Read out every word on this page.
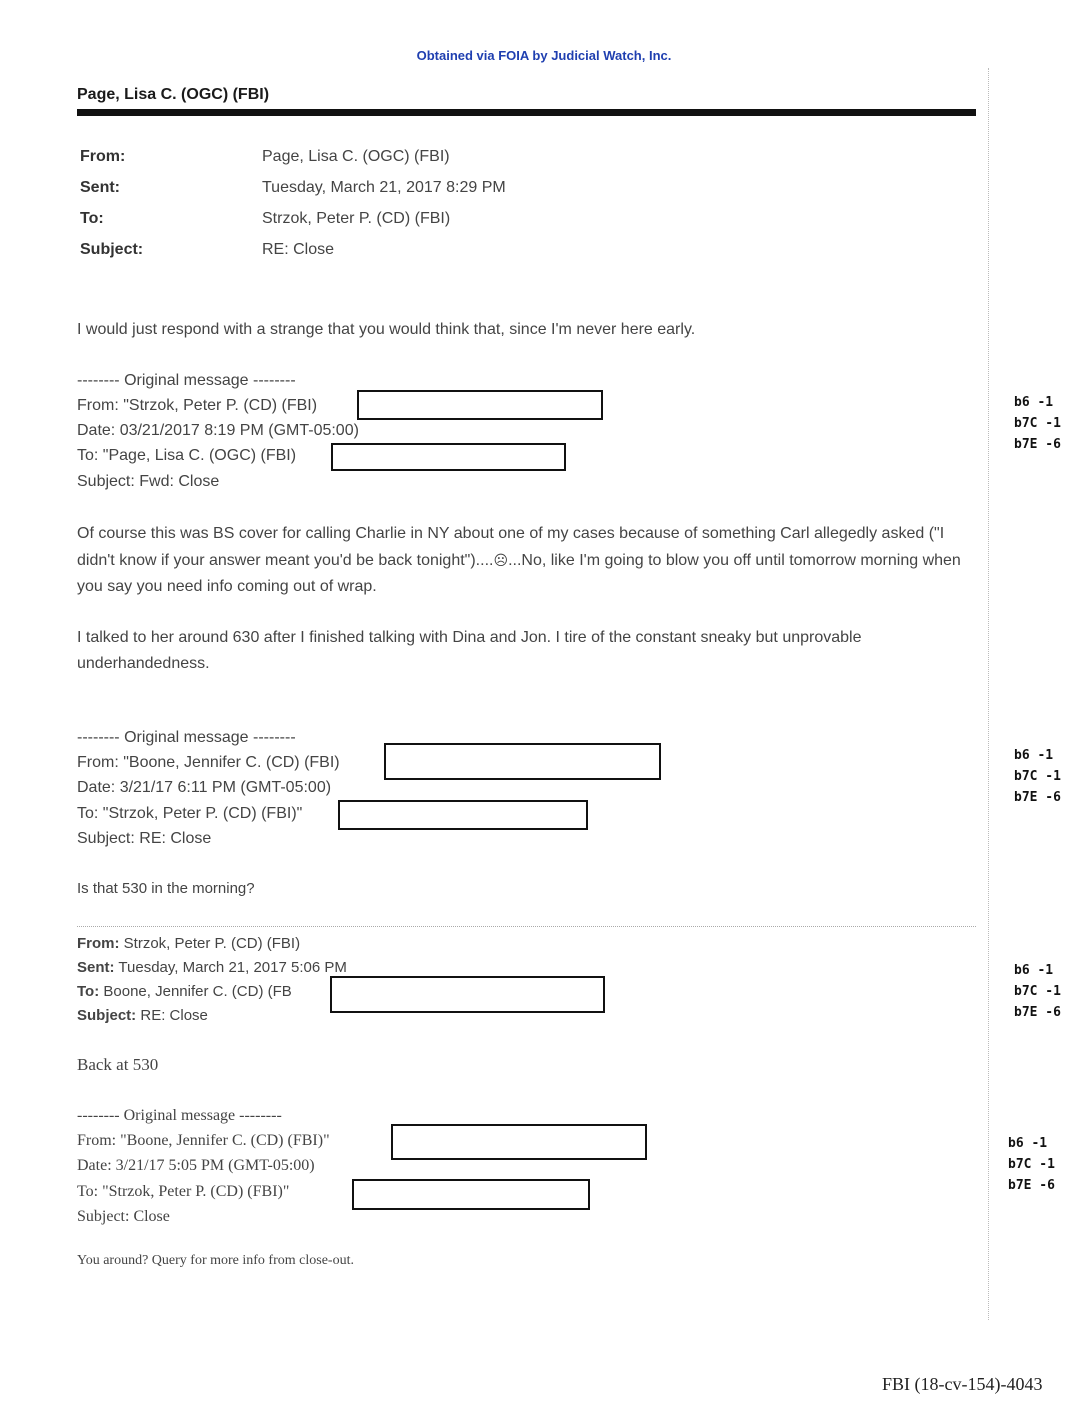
Obtained via FOIA by Judicial Watch, Inc.
Page, Lisa C. (OGC) (FBI)
From:	Page, Lisa C. (OGC) (FBI)
Sent:	Tuesday, March 21, 2017 8:29 PM
To:	Strzok, Peter P. (CD) (FBI)
Subject:	RE: Close
I would just respond with a strange that you would think that, since I'm never here early.
-------- Original message --------
From: "Strzok, Peter P. (CD) (FBI)
Date: 03/21/2017 8:19 PM (GMT-05:00)
To: "Page, Lisa C. (OGC) (FBI)
Subject: Fwd: Close
b6 -1
b7C -1
b7E -6
Of course this was BS cover for calling Charlie in NY about one of my cases because of something Carl allegedly asked ("I didn't know if your answer meant you'd be back tonight")....☹...No, like I'm going to blow you off until tomorrow morning when you say you need info coming out of wrap.
I talked to her around 630 after I finished talking with Dina and Jon. I tire of the constant sneaky but unprovable underhandedness.
-------- Original message --------
From: "Boone, Jennifer C. (CD) (FBI)
Date: 3/21/17 6:11 PM (GMT-05:00)
To: "Strzok, Peter P. (CD) (FBI)"
Subject: RE: Close
b6 -1
b7C -1
b7E -6
Is that 530 in the morning?
From: Strzok, Peter P. (CD) (FBI)
Sent: Tuesday, March 21, 2017 5:06 PM
To: Boone, Jennifer C. (CD) (FB
Subject: RE: Close
b6 -1
b7C -1
b7E -6
Back at 530
-------- Original message --------
From: "Boone, Jennifer C. (CD) (FBI)"
Date: 3/21/17 5:05 PM (GMT-05:00)
To: "Strzok, Peter P. (CD) (FBI)"
Subject: Close
b6 -1
b7C -1
b7E -6
You around? Query for more info from close-out.
FBI (18-cv-154)-4043
